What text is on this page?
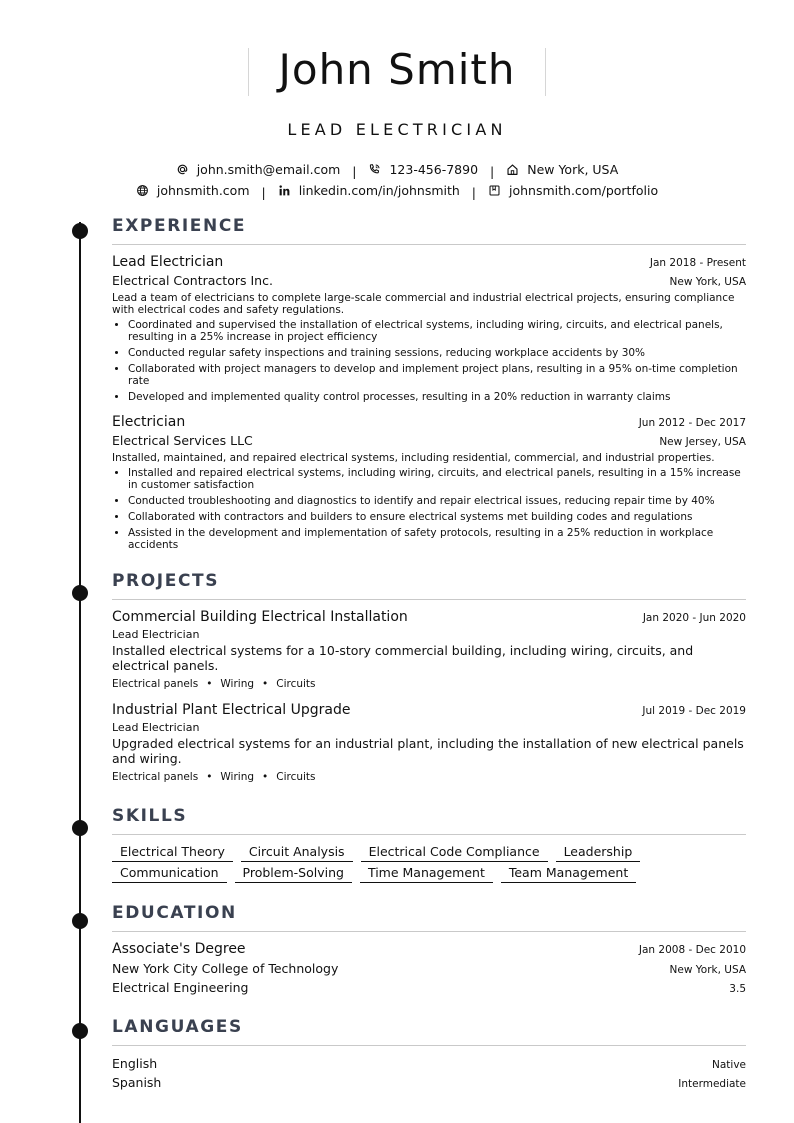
John Smith
LEAD ELECTRICIAN
john.smith@email.com |	123-456-7890 |	New York, USA
johnsmith.com |	linkedin.com/in/johnsmith |	johnsmith.com/portfolio
EXPERIENCE
Lead Electrician	Jan 2018 - Present
Electrical Contractors Inc.	New York, USA
Lead a team of electricians to complete large-scale commercial and industrial electrical projects, ensuring compliance with electrical codes and safety regulations.
• Coordinated and supervised the installation of electrical systems, including wiring, circuits, and electrical panels, resulting in a 25% increase in project efficiency
• Conducted regular safety inspections and training sessions, reducing workplace accidents by 30%
• Collaborated with project managers to develop and implement project plans, resulting in a 95% on-time completion rate
• Developed and implemented quality control processes, resulting in a 20% reduction in warranty claims
Electrician	Jun 2012 - Dec 2017
Electrical Services LLC	New Jersey, USA
Installed, maintained, and repaired electrical systems, including residential, commercial, and industrial properties.
• Installed and repaired electrical systems, including wiring, circuits, and electrical panels, resulting in a 15% increase in customer satisfaction
• Conducted troubleshooting and diagnostics to identify and repair electrical issues, reducing repair time by 40%
• Collaborated with contractors and builders to ensure electrical systems met building codes and regulations
• Assisted in the development and implementation of safety protocols, resulting in a 25% reduction in workplace accidents
PROJECTS
Commercial Building Electrical Installation	Jan 2020 - Jun 2020
Lead Electrician
Installed electrical systems for a 10-story commercial building, including wiring, circuits, and electrical panels.
Electrical panels • Wiring • Circuits
Industrial Plant Electrical Upgrade	Jul 2019 - Dec 2019
Lead Electrician
Upgraded electrical systems for an industrial plant, including the installation of new electrical panels and wiring.
Electrical panels • Wiring • Circuits
SKILLS
Electrical Theory	Circuit Analysis	Electrical Code Compliance	Leadership
Communication	Problem-Solving	Time Management	Team Management
EDUCATION
Associate's Degree	Jan 2008 - Dec 2010
New York City College of Technology	New York, USA
Electrical Engineering	3.5
LANGUAGES
English	Native
Spanish	Intermediate
